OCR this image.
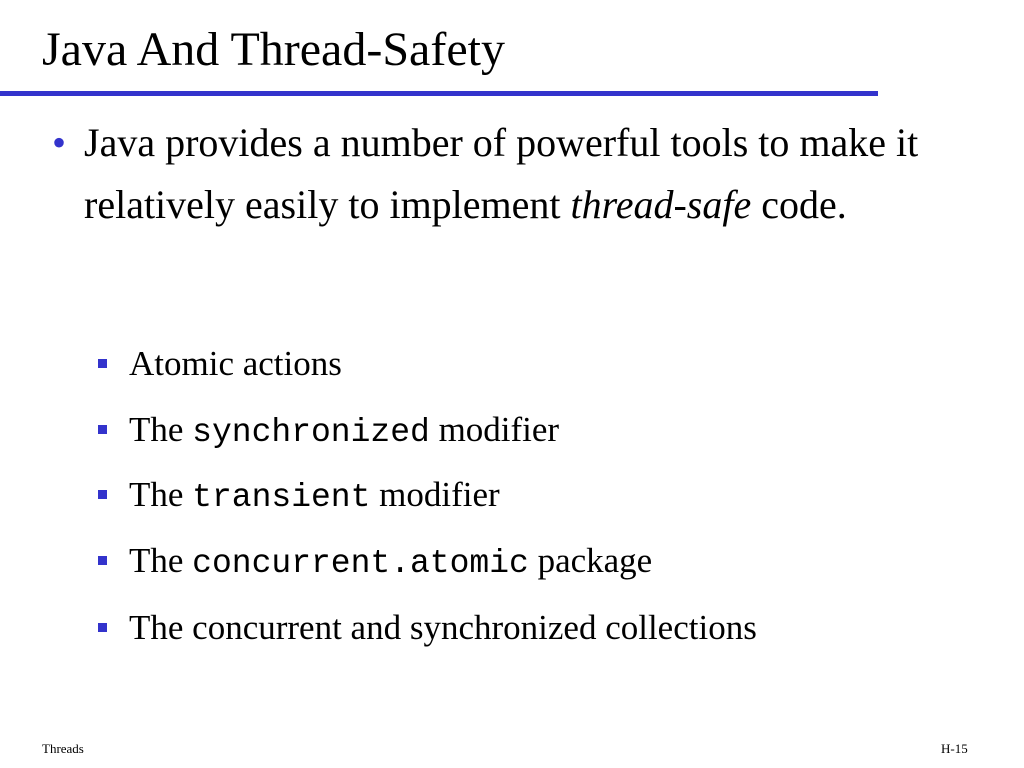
Java And Thread-Safety
• Java provides a number of powerful tools to make it relatively easily to implement thread-safe code.
Atomic actions
The synchronized modifier
The transient modifier
The concurrent.atomic package
The concurrent and synchronized collections
Threads	H-15
